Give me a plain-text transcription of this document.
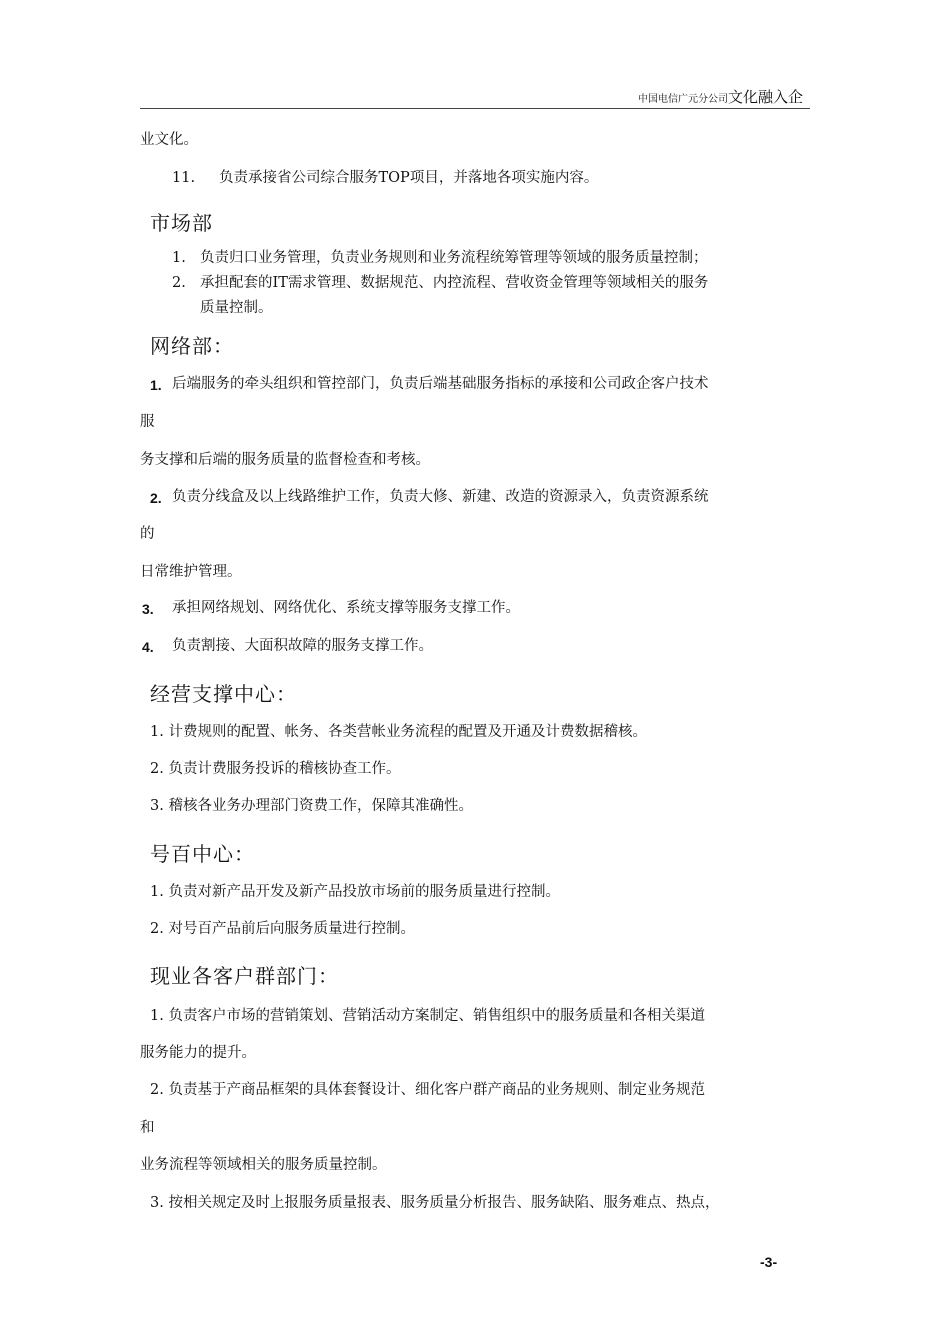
中国电信广元分公司文化融入企
业文化。
11. 负责承接省公司综合服务TOP项目，并落地各项实施内容。
市场部
1. 负责归口业务管理，负责业务规则和业务流程统筹管理等领域的服务质量控制；
2. 承担配套的IT需求管理、数据规范、内控流程、营收资金管理等领域相关的服务
质量控制。
网络部：
1. 后端服务的牵头组织和管控部门，负责后端基础服务指标的承接和公司政企客户技术
服
务支撑和后端的服务质量的监督检查和考核。
2. 负责分线盒及以上线路维护工作，负责大修、新建、改造的资源录入，负责资源系统
的
日常维护管理。
3. 承担网络规划、网络优化、系统支撑等服务支撑工作。
4. 负责割接、大面积故障的服务支撑工作。
经营支撑中心：
1. 计费规则的配置、帐务、各类营帐业务流程的配置及开通及计费数据稽核。
2. 负责计费服务投诉的稽核协查工作。
3. 稽核各业务办理部门资费工作，保障其准确性。
号百中心：
1. 负责对新产品开发及新产品投放市场前的服务质量进行控制。
2. 对号百产品前后向服务质量进行控制。
现业各客户群部门：
1. 负责客户市场的营销策划、营销活动方案制定、销售组织中的服务质量和各相关渠道
服务能力的提升。
2. 负责基于产商品框架的具体套餐设计、细化客户群产商品的业务规则、制定业务规范
和
业务流程等领域相关的服务质量控制。
3. 按相关规定及时上报服务质量报表、服务质量分析报告、服务缺陷、服务难点、热点，
-3-
